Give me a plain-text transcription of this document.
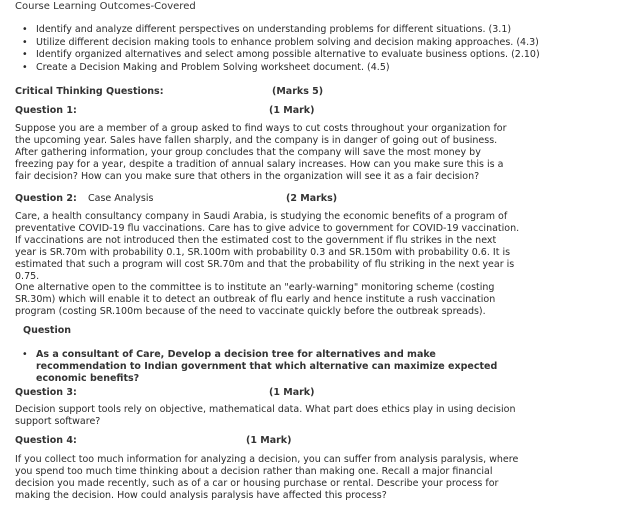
Course Learning Outcomes-Covered
• Identify and analyze different perspectives on understanding problems for different situations. (3.1)
• Utilize different decision making tools to enhance problem solving and decision making approaches. (4.3)
• Identify organized alternatives and select among possible alternative to evaluate business options. (2.10)
• Create a Decision Making and Problem Solving worksheet document. (4.5)
Critical Thinking Questions:	(Marks 5)
Question 1:	(1 Mark)
Suppose you are a member of a group asked to find ways to cut costs throughout your organization for the upcoming year. Sales have fallen sharply, and the company is in danger of going out of business. After gathering information, your group concludes that the company will save the most money by freezing pay for a year, despite a tradition of annual salary increases. How can you make sure this is a fair decision? How can you make sure that others in the organization will see it as a fair decision?
Question 2: Case Analysis	(2 Marks)
Care, a health consultancy company in Saudi Arabia, is studying the economic benefits of a program of preventative COVID-19 flu vaccinations. Care has to give advice to government for COVID-19 vaccination. If vaccinations are not introduced then the estimated cost to the government if flu strikes in the next year is SR.70m with probability 0.1, SR.100m with probability 0.3 and SR.150m with probability 0.6. It is estimated that such a program will cost SR.70m and that the probability of flu striking in the next year is 0.75.
One alternative open to the committee is to institute an "early-warning" monitoring scheme (costing SR.30m) which will enable it to detect an outbreak of flu early and hence institute a rush vaccination program (costing SR.100m because of the need to vaccinate quickly before the outbreak spreads).
Question
• As a consultant of Care, Develop a decision tree for alternatives and make recommendation to Indian government that which alternative can maximize expected economic benefits?
Question 3:	(1 Mark)
Decision support tools rely on objective, mathematical data. What part does ethics play in using decision support software?
Question 4:	(1 Mark)
If you collect too much information for analyzing a decision, you can suffer from analysis paralysis, where you spend too much time thinking about a decision rather than making one. Recall a major financial decision you made recently, such as of a car or housing purchase or rental. Describe your process for making the decision. How could analysis paralysis have affected this process?
